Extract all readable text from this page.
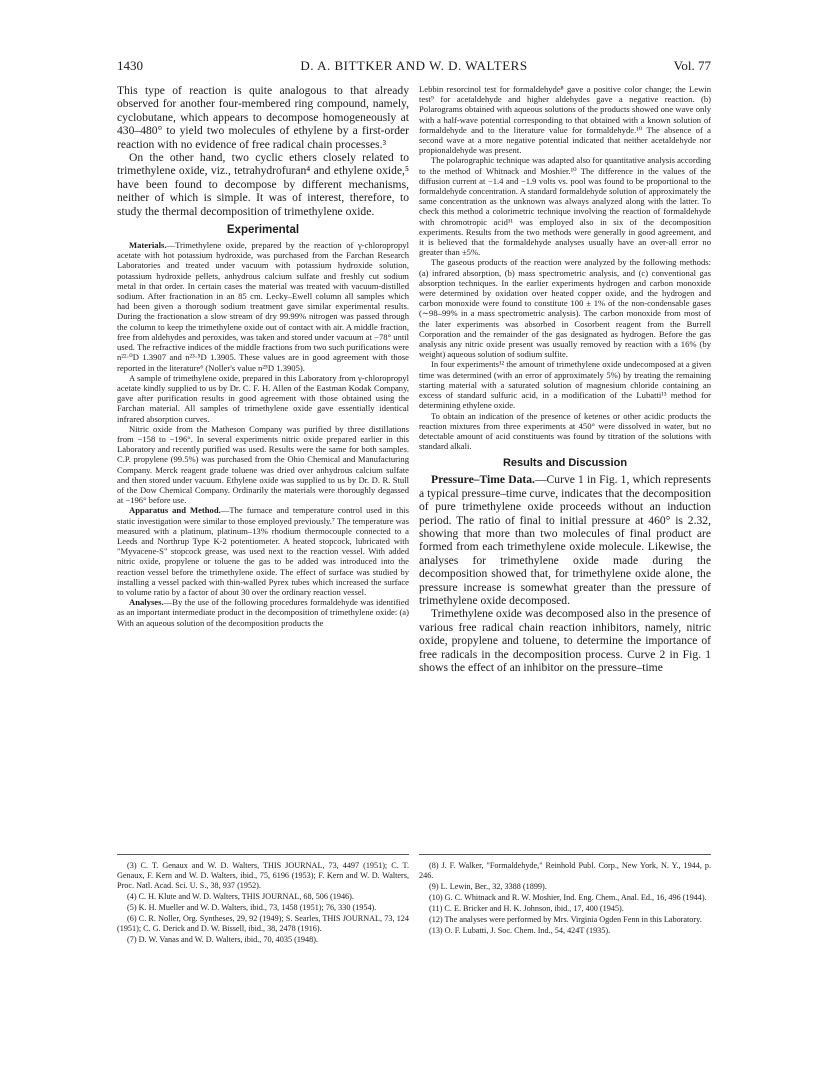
1430	D. A. BITTKER AND W. D. WALTERS	Vol. 77

This type of reaction is quite analogous to that already observed for another four-membered ring compound, namely, cyclobutane, which appears to decompose homogeneously at 430–480° to yield two molecules of ethylene by a first-order reaction with no evidence of free radical chain processes.³

On the other hand, two cyclic ethers closely related to trimethylene oxide, viz., tetrahydrofuran⁴ and ethylene oxide,⁵ have been found to decompose by different mechanisms, neither of which is simple. It was of interest, therefore, to study the thermal decomposition of trimethylene oxide.

Experimental

Materials.—Trimethylene oxide, prepared by the reaction of γ-chloropropyl acetate with hot potassium hydroxide, was purchased from the Farchan Research Laboratories and treated under vacuum with potassium hydroxide solution, potassium hydroxide pellets, anhydrous calcium sulfate and freshly cut sodium metal in that order. In certain cases the material was treated with vacuum-distilled sodium. After fractionation in an 85 cm. Lecky–Ewell column all samples which had been given a thorough sodium treatment gave similar experimental results. During the fractionation a slow stream of dry 99.99% nitrogen was passed through the column to keep the trimethylene oxide out of contact with air. A middle fraction, free from aldehydes and peroxides, was taken and stored under vacuum at −78° until used. The refractive indices of the middle fractions from two such purifications were n²²·⁰D 1.3907 and n²³·⁵D 1.3905. These values are in good agreement with those reported in the literature⁶ (Noller's value n²⁵D 1.3905).

A sample of trimethylene oxide, prepared in this Laboratory from γ-chloropropyl acetate kindly supplied to us by Dr. C. F. H. Allen of the Eastman Kodak Company, gave after purification results in good agreement with those obtained using the Farchan material. All samples of trimethylene oxide gave essentially identical infrared absorption curves.

Nitric oxide from the Matheson Company was purified by three distillations from −158 to −196°. In several experiments nitric oxide prepared earlier in this Laboratory and recently purified was used. Results were the same for both samples. C.P. propylene (99.5%) was purchased from the Ohio Chemical and Manufacturing Company. Merck reagent grade toluene was dried over anhydrous calcium sulfate and then stored under vacuum. Ethylene oxide was supplied to us by Dr. D. R. Stull of the Dow Chemical Company. Ordinarily the materials were thoroughly degassed at −196° before use.

Apparatus and Method.—The furnace and temperature control used in this static investigation were similar to those employed previously.⁷ The temperature was measured with a platinum, platinum–13% rhodium thermocouple connected to a Leeds and Northrup Type K-2 potentiometer. A heated stopcock, lubricated with "Myvacene-S" stopcock grease, was used next to the reaction vessel. With added nitric oxide, propylene or toluene the gas to be added was introduced into the reaction vessel before the trimethylene oxide. The effect of surface was studied by installing a vessel packed with thin-walled Pyrex tubes which increased the surface to volume ratio by a factor of about 30 over the ordinary reaction vessel.

Analyses.—By the use of the following procedures formaldehyde was identified as an important intermediate product in the decomposition of trimethylene oxide: (a) With an aqueous solution of the decomposition products the

Lebbin resorcinol test for formaldehyde⁸ gave a positive color change; the Lewin test⁹ for acetaldehyde and higher aldehydes gave a negative reaction. (b) Polarograms obtained with aqueous solutions of the products showed one wave only with a half-wave potential corresponding to that obtained with a known solution of formaldehyde and to the literature value for formaldehyde.¹⁰ The absence of a second wave at a more negative potential indicated that neither acetaldehyde nor propionaldehyde was present.

The polarographic technique was adapted also for quantitative analysis according to the method of Whitnack and Moshier.¹⁰ The difference in the values of the diffusion current at −1.4 and −1.9 volts vs. pool was found to be proportional to the formaldehyde concentration. A standard formaldehyde solution of approximately the same concentration as the unknown was always analyzed along with the latter. To check this method a colorimetric technique involving the reaction of formaldehyde with chromotropic acid¹¹ was employed also in six of the decomposition experiments. Results from the two methods were generally in good agreement, and it is believed that the formaldehyde analyses usually have an over-all error no greater than ±5%.

The gaseous products of the reaction were analyzed by the following methods: (a) infrared absorption, (b) mass spectrometric analysis, and (c) conventional gas absorption techniques. In the earlier experiments hydrogen and carbon monoxide were determined by oxidation over heated copper oxide, and the hydrogen and carbon monoxide were found to constitute 100 ± 1% of the non-condensable gases (∼98–99% in a mass spectrometric analysis). The carbon monoxide from most of the later experiments was absorbed in Cosorbent reagent from the Burrell Corporation and the remainder of the gas designated as hydrogen. Before the gas analysis any nitric oxide present was usually removed by reaction with a 16% (by weight) aqueous solution of sodium sulfite.

In four experiments¹² the amount of trimethylene oxide undecomposed at a given time was determined (with an error of approximately 5%) by treating the remaining starting material with a saturated solution of magnesium chloride containing an excess of standard sulfuric acid, in a modification of the Lubatti¹³ method for determining ethylene oxide.

To obtain an indication of the presence of ketenes or other acidic products the reaction mixtures from three experiments at 450° were dissolved in water, but no detectable amount of acid constituents was found by titration of the solutions with standard alkali.

Results and Discussion

Pressure–Time Data.—Curve 1 in Fig. 1, which represents a typical pressure–time curve, indicates that the decomposition of pure trimethylene oxide proceeds without an induction period. The ratio of final to initial pressure at 460° is 2.32, showing that more than two molecules of final product are formed from each trimethylene oxide molecule. Likewise, the analyses for trimethylene oxide made during the decomposition showed that, for trimethylene oxide alone, the pressure increase is somewhat greater than the pressure of trimethylene oxide decomposed.

Trimethylene oxide was decomposed also in the presence of various free radical chain reaction inhibitors, namely, nitric oxide, propylene and toluene, to determine the importance of free radicals in the decomposition process. Curve 2 in Fig. 1 shows the effect of an inhibitor on the pressure–time

(3) C. T. Genaux and W. D. Walters, THIS JOURNAL, 73, 4497 (1951); C. T. Genaux, F. Kern and W. D. Walters, ibid., 75, 6196 (1953); F. Kern and W. D. Walters, Proc. Natl. Acad. Sci. U. S., 38, 937 (1952).

(4) C. H. Klute and W. D. Walters, THIS JOURNAL, 68, 506 (1946).

(5) K. H. Mueller and W. D. Walters, ibid., 73, 1458 (1951); 76, 330 (1954).

(6) C. R. Noller, Org. Syntheses, 29, 92 (1949); S. Searles, THIS JOURNAL, 73, 124 (1951); C. G. Derick and D. W. Bissell, ibid., 38, 2478 (1916).

(7) D. W. Vanas and W. D. Walters, ibid., 70, 4035 (1948).

(8) J. F. Walker, "Formaldehyde," Reinhold Publ. Corp., New York, N. Y., 1944, p. 246.

(9) L. Lewin, Ber., 32, 3388 (1899).

(10) G. C. Whitnack and R. W. Moshier, Ind. Eng. Chem., Anal. Ed., 16, 496 (1944).

(11) C. E. Bricker and H. K. Johnson, ibid., 17, 400 (1945).

(12) The analyses were performed by Mrs. Virginia Ogden Fenn in this Laboratory.

(13) O. F. Lubatti, J. Soc. Chem. Ind., 54, 424T (1935).
